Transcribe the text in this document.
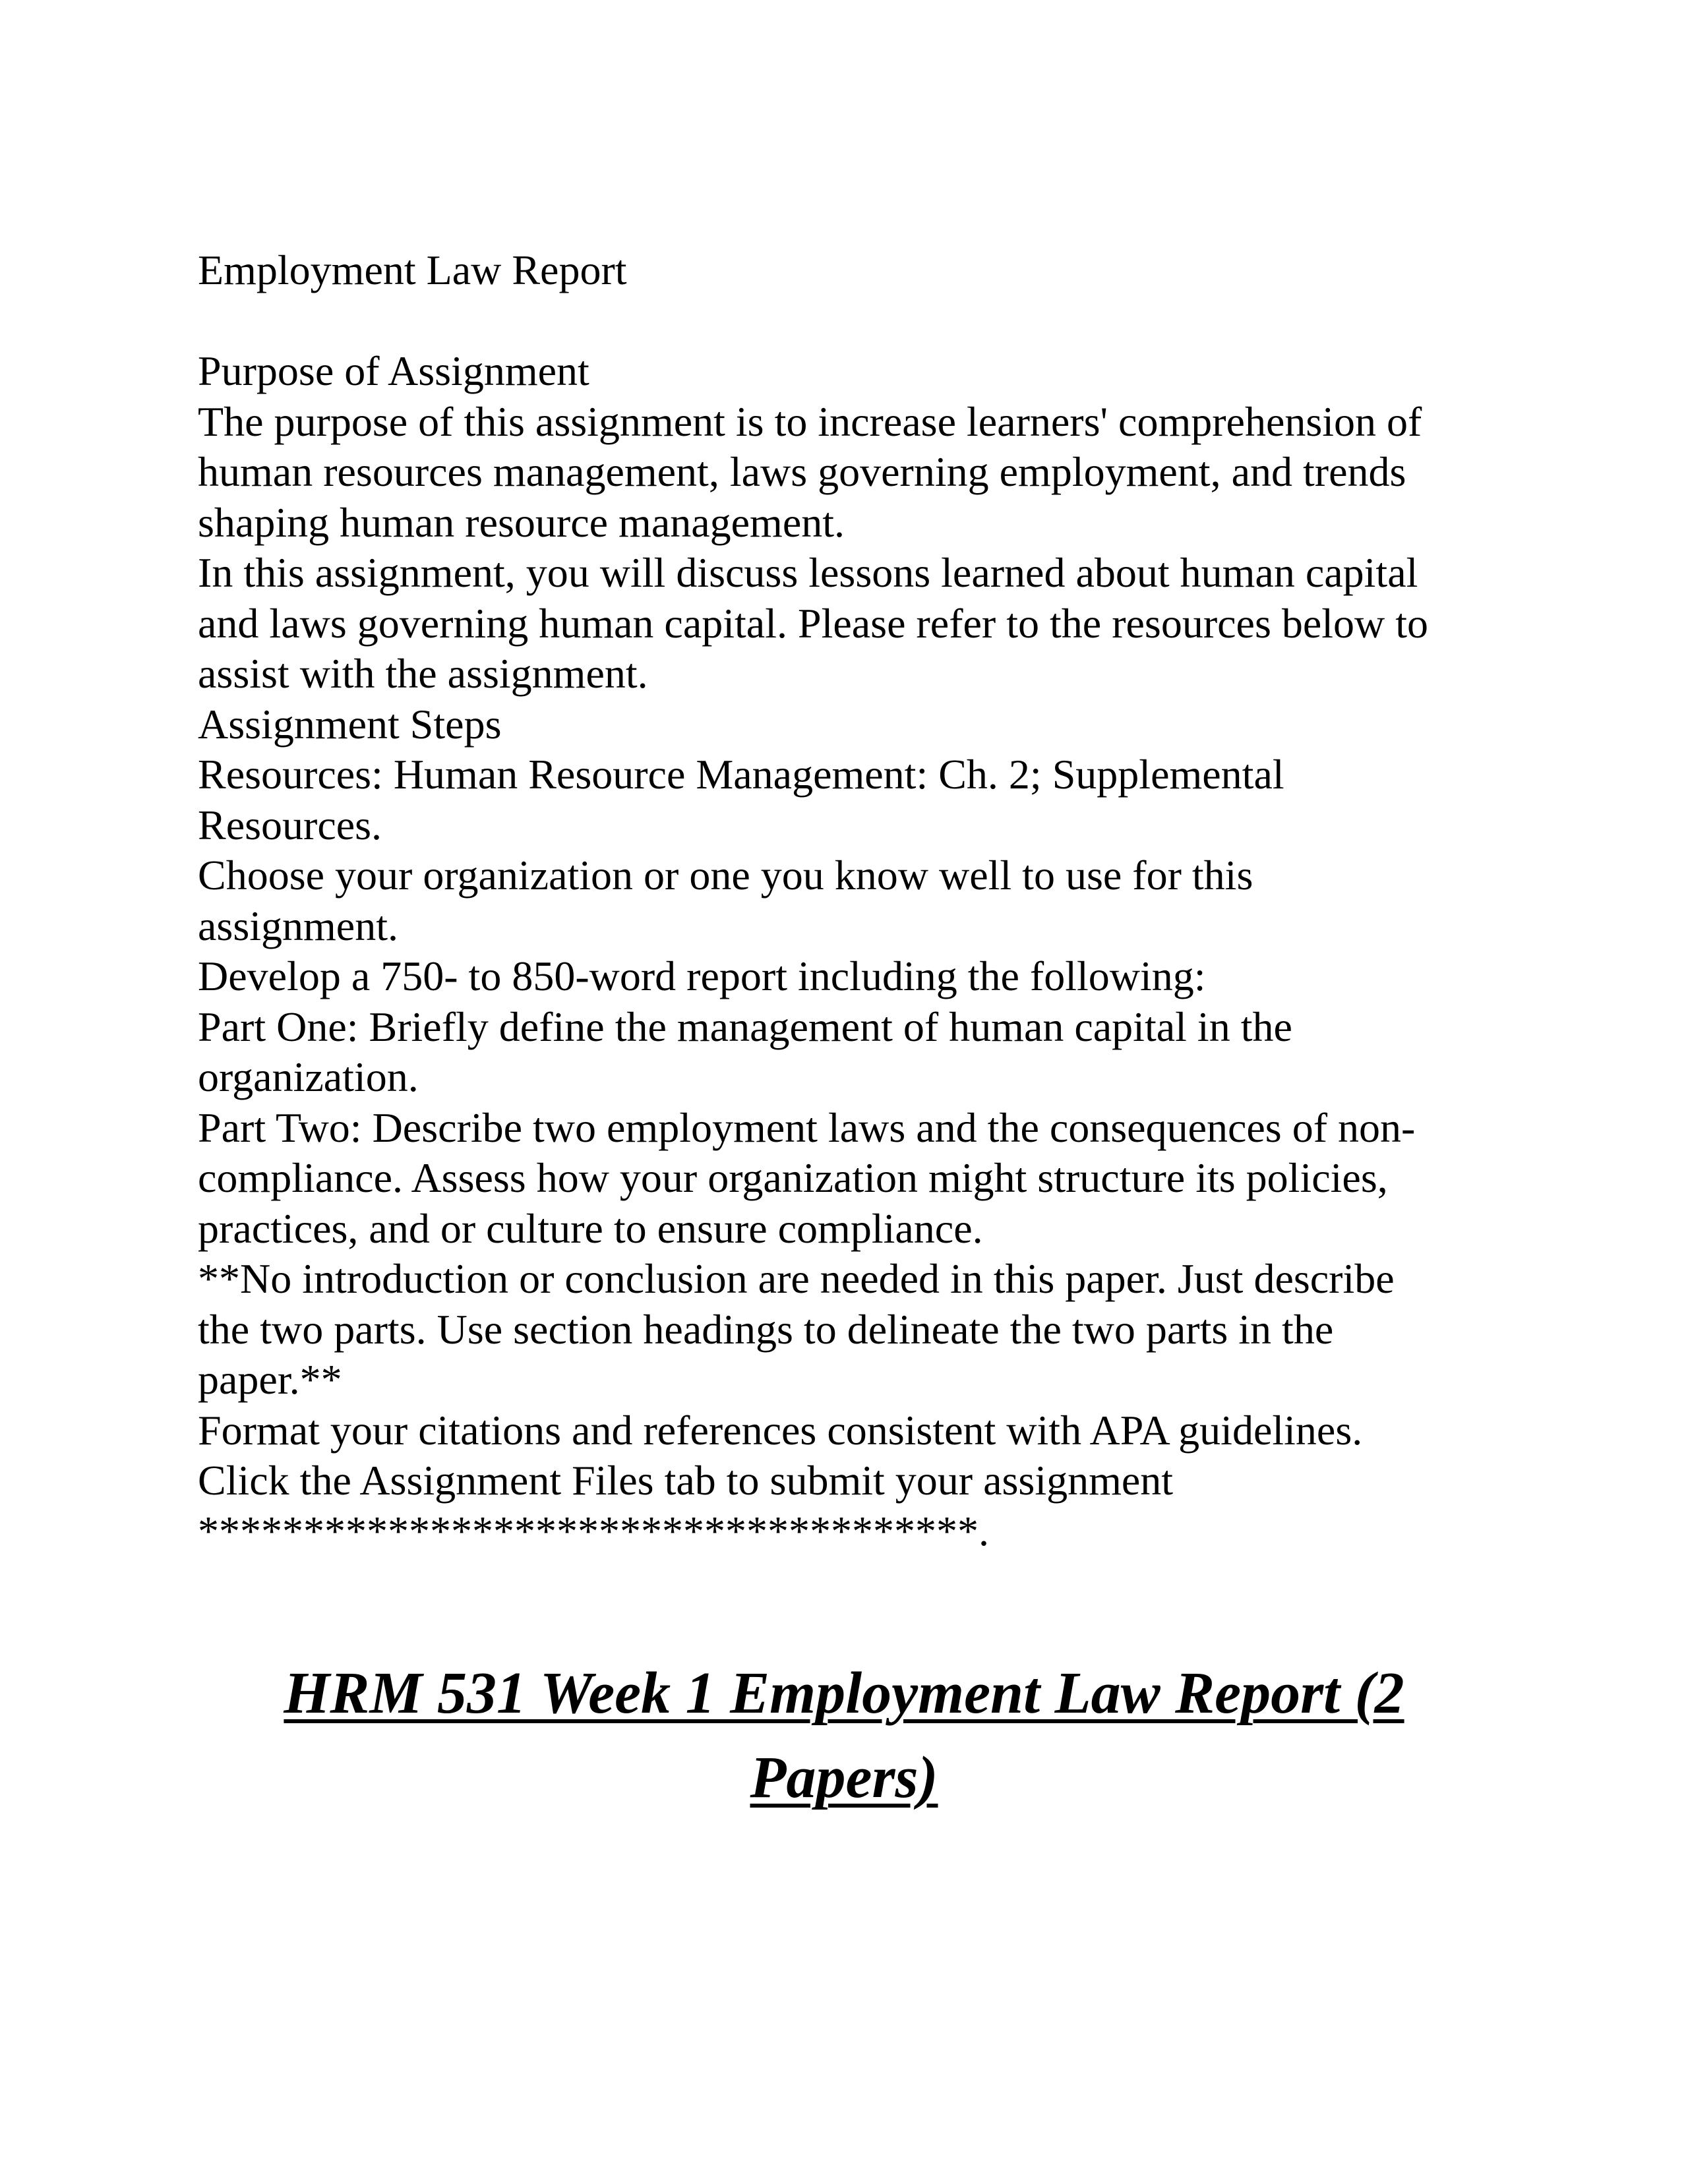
Employment Law Report
Purpose of Assignment
The purpose of this assignment is to increase learners' comprehension of
human resources management, laws governing employment, and trends
shaping human resource management.
In this assignment, you will discuss lessons learned about human capital
and laws governing human capital. Please refer to the resources below to
assist with the assignment.
Assignment Steps
Resources: Human Resource Management: Ch. 2; Supplemental
Resources.
Choose your organization or one you know well to use for this
assignment.
Develop a 750- to 850-word report including the following:
Part One: Briefly define the management of human capital in the
organization.
Part Two: Describe two employment laws and the consequences of non-
compliance. Assess how your organization might structure its policies,
practices, and or culture to ensure compliance.
**No introduction or conclusion are needed in this paper. Just describe
the two parts. Use section headings to delineate the two parts in the
paper.**
Format your citations and references consistent with APA guidelines.
Click the Assignment Files tab to submit your assignment
*************************************.
HRM 531 Week 1 Employment Law Report (2
Papers)
